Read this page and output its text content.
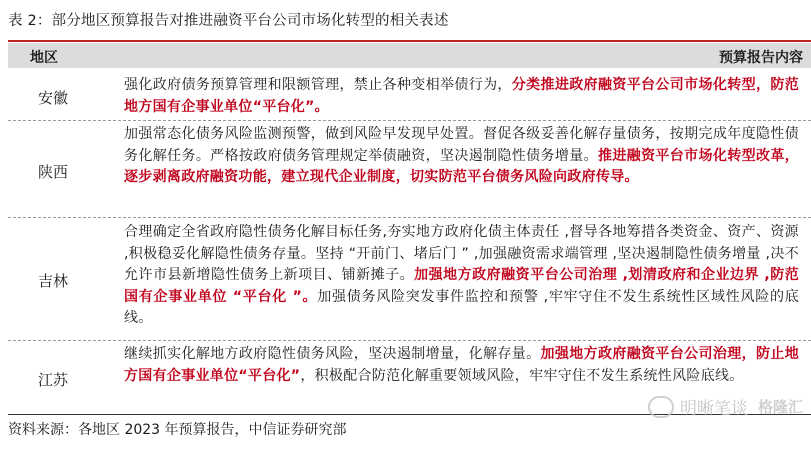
表 2：部分地区预算报告对推进融资平台公司市场化转型的相关表述
地区	预算报告内容
安徽
强化政府债务预算管理和限额管理，禁止各种变相举债行为，分类推进政府融资平台公司市场化转型，防范地方国有企事业单位“平台化”。
陕西
加强常态化债务风险监测预警，做到风险早发现早处置。督促各级妥善化解存量债务，按期完成年度隐性债务化解任务。严格按政府债务管理规定举债融资，坚决遏制隐性债务增量。推进融资平台市场化转型改革，逐步剥离政府融资功能，建立现代企业制度，切实防范平台债务风险向政府传导。
吉林
合理确定全省政府隐性债务化解目标任务,夯实地方政府化债主体责任 ,督导各地筹措各类资金、资产、资源 ,积极稳妥化解隐性债务存量。坚持 “开前门、堵后门 ” ,加强融资需求端管理 ,坚决遏制隐性债务增量 ,决不允许市县新增隐性债务上新项目、铺新摊子。加强地方政府融资平台公司治理 ,划清政府和企业边界 ,防范国有企事业单位 “平台化 ”。加强债务风险突发事件监控和预警 ,牢牢守住不发生系统性区域性风险的底线。
江苏
继续抓实化解地方政府隐性债务风险，坚决遏制增量，化解存量。加强地方政府融资平台公司治理，防止地方国有企事业单位“平台化”，积极配合防范化解重要领域风险，牢牢守住不发生系统性风险底线。
资料来源：各地区 2023 年预算报告，中信证券研究部
明晰笔谈 格隆汇
